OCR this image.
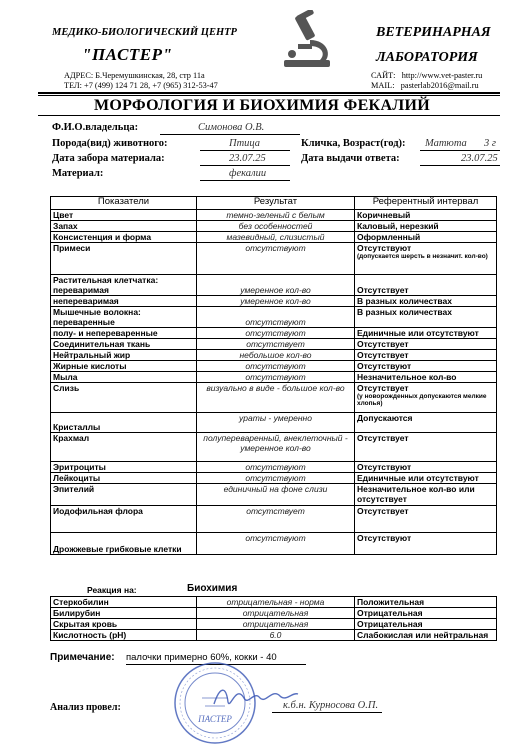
МЕДИКО-БИОЛОГИЧЕСКИЙ ЦЕНТР
"ПАСТЕР"
ВЕТЕРИНАРНАЯ
ЛАБОРАТОРИЯ
АДРЕС: Б.Черемушкинская, 28, стр 11а
ТЕЛ: +7 (499) 124 71 28, +7 (965) 312-53-47
САЙТ: http://www.vet-paster.ru
MAIL: pasterlab2016@mail.ru
МОРФОЛОГИЯ И БИОХИМИЯ ФЕКАЛИЙ
Ф.И.О.владельца:	Симонова О.В.
Порода(вид) животного:	Птица	Кличка, Возраст(год): Матюта 3 г
Дата забора материала:	23.07.25	Дата выдачи ответа:	23.07.25
Материал:	фекалии
Показатели	Результат	Референтный интервал
Цвет	темно-зеленый с белым	Коричневый
Запах	без особенностей	Каловый, нерезкий
Консистенция и форма	мазевидный, слизистый	Оформленный
Примеси	отсутствуют	Отсутствуют
(допускается шерсть в незначит. кол-во)

Растительная клетчатка: переваримая	умеренное кол-во	Отсутствует
непереваримая	умеренное кол-во	В разных количествах
Мышечные волокна: переваренные	отсутствуют	В разных количествах
полу- и непереваренные	отсутствуют	Единичные или отсутствуют
Соединительная ткань	отсутствует	Отсутствует
Нейтральный жир	небольшое кол-во	Отсутствует
Жирные кислоты	отсутствуют	Отсутствуют
Мыла	отсутствуют	Незначительное кол-во
Слизь	визуально в виде - большое кол-во	Отсутствует
(у новорожденных допускаются мелкие хлопья)

Кристаллы	ураты - умеренно	Допускаются
Крахмал	полупереваренный, внеклеточный - умеренное кол-во	Отсутствует
Эритроциты	отсутствуют	Отсутствуют
Лейкоциты	отсутствуют	Единичные или отсутствуют
Эпителий	единичный на фоне слизи	Незначительное кол-во или отсутствует
Иодофильная флора	отсутствует	Отсутствует
Дрожжевые грибковые клетки	отсутствуют	Отсутствуют
Реакция на:	Биохимия
Стеркобилин	отрицательная - норма	Положительная
Билирубин	отрицательная	Отрицательная
Скрытая кровь	отрицательная	Отрицательная
Кислотность (pH)	6.0	Слабокислая или нейтральная
Примечание: палочки примерно 60%, кокки - 40
ПАСТЕР
Анализ провел:	к.б.н. Курносова О.П.
